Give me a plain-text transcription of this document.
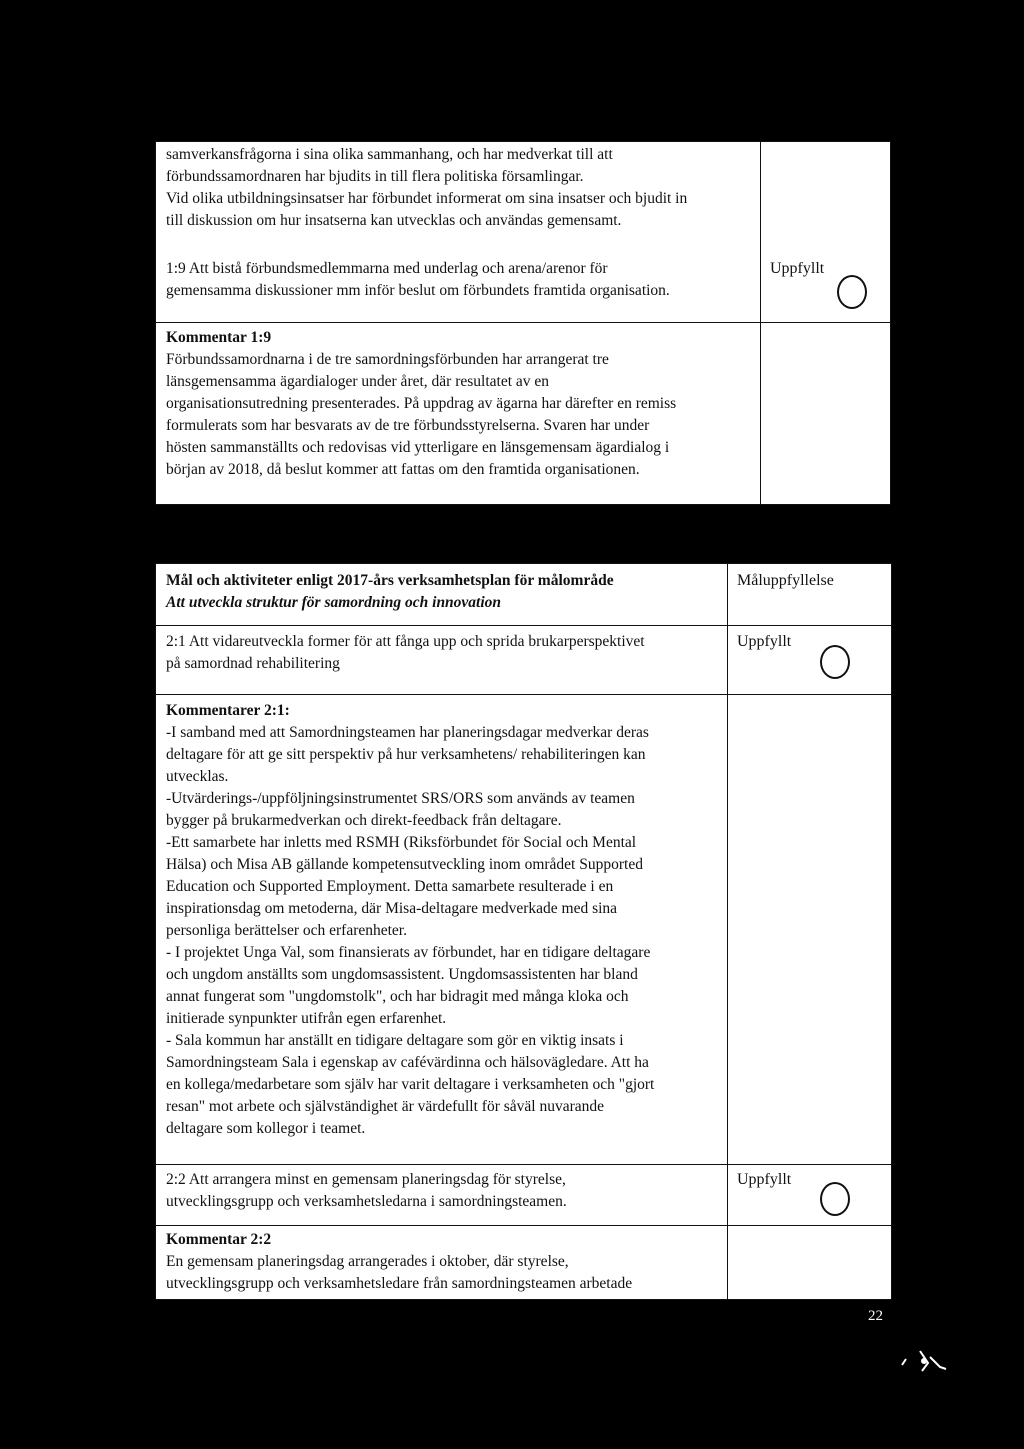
samverkansfrågorna i sina olika sammanhang, och har medverkat till att

förbundssamordnaren har bjudits in till flera politiska församlingar.

Vid olika utbildningsinsatser har förbundet informerat om sina insatser och bjudit in

till diskussion om hur insatserna kan utvecklas och användas gemensamt.

1:9 Att bistå förbundsmedlemmarna med underlag och arena/arenor för

gemensamma diskussioner mm inför beslut om förbundets framtida organisation.

Uppfyllt

Kommentar 1:9

Förbundssamordnarna i de tre samordningsförbunden har arrangerat tre

länsgemensamma ägardialoger under året, där resultatet av en

organisationsutredning presenterades. På uppdrag av ägarna har därefter en remiss

formulerats som har besvarats av de tre förbundsstyrelserna. Svaren har under

hösten sammanställts och redovisas vid ytterligare en länsgemensam ägardialog i

början av 2018, då beslut kommer att fattas om den framtida organisationen.

Mål och aktiviteter enligt 2017-års verksamhetsplan för målområde

Att utveckla struktur för samordning och innovation

Måluppfyllelse

2:1 Att vidareutveckla former för att fånga upp och sprida brukarperspektivet

på samordnad rehabilitering

Uppfyllt

Kommentarer 2:1:

-I samband med att Samordningsteamen har planeringsdagar medverkar deras

deltagare för att ge sitt perspektiv på hur verksamhetens/ rehabiliteringen kan

utvecklas.

-Utvärderings-/uppföljningsinstrumentet SRS/ORS som används av teamen

bygger på brukarmedverkan och direkt-feedback från deltagare.

-Ett samarbete har inletts med RSMH (Riksförbundet för Social och Mental

Hälsa) och Misa AB gällande kompetensutveckling inom området Supported

Education och Supported Employment. Detta samarbete resulterade i en

inspirationsdag om metoderna, där Misa-deltagare medverkade med sina

personliga berättelser och erfarenheter.

- I projektet Unga Val, som finansierats av förbundet, har en tidigare deltagare

och ungdom anställts som ungdomsassistent. Ungdomsassistenten har bland

annat fungerat som "ungdomstolk", och har bidragit med många kloka och

initierade synpunkter utifrån egen erfarenhet.

- Sala kommun har anställt en tidigare deltagare som gör en viktig insats i

Samordningsteam Sala i egenskap av cafévärdinna och hälsovägledare. Att ha

en kollega/medarbetare som själv har varit deltagare i verksamheten och "gjort

resan" mot arbete och självständighet är värdefullt för såväl nuvarande

deltagare som kollegor i teamet.

2:2 Att arrangera minst en gemensam planeringsdag för styrelse,

utvecklingsgrupp och verksamhetsledarna i samordningsteamen.

Uppfyllt

Kommentar 2:2

En gemensam planeringsdag arrangerades i oktober, där styrelse,

utvecklingsgrupp och verksamhetsledare från samordningsteamen arbetade

22
